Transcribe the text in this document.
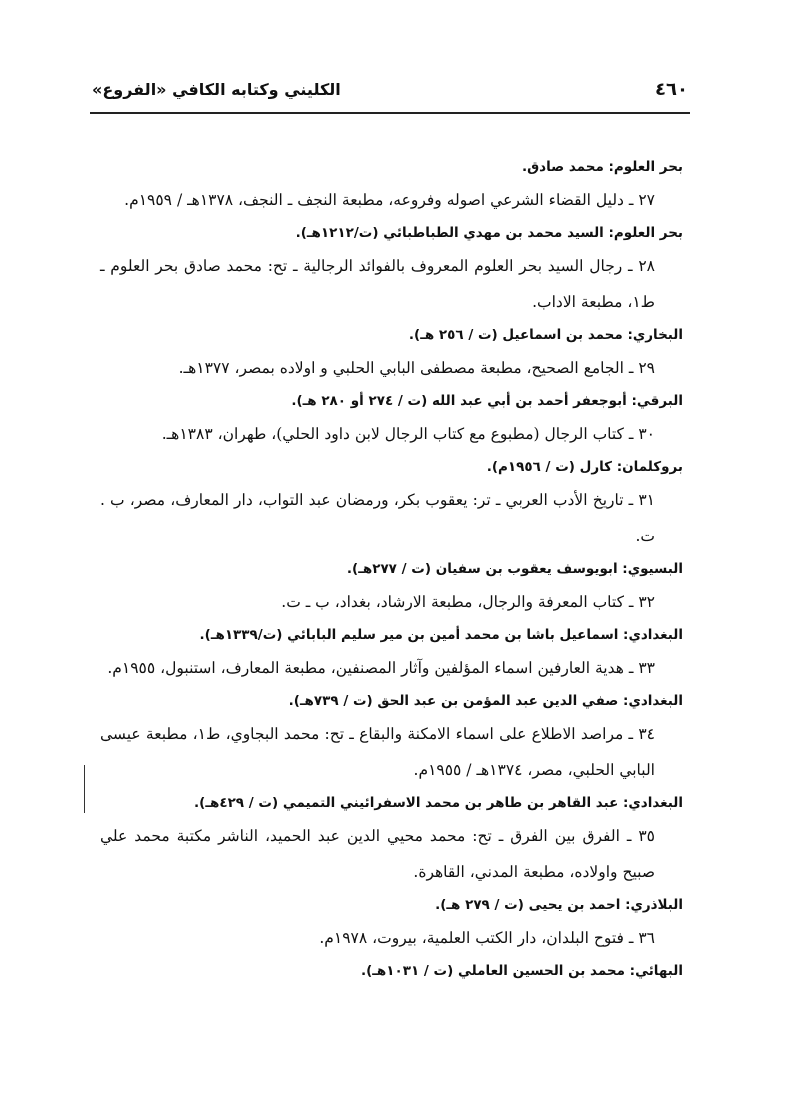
٤٦٠
الكليني وكتابه الكافي «الفروع»
بحر العلوم: محمد صادق.
٢٧ ـ دليل القضاء الشرعي اصوله وفروعه، مطبعة النجف ـ النجف، ١٣٧٨هـ / ١٩٥٩م.
بحر العلوم: السيد محمد بن مهدي الطباطبائي (ت/١٢١٢هـ).
٢٨ ـ رجال السيد بحر العلوم المعروف بالفوائد الرجالية ـ تح: محمد صادق بحر العلوم ـ ط١، مطبعة الاداب.
البخاري: محمد بن اسماعيل (ت / ٢٥٦ هـ).
٢٩ ـ الجامع الصحيح، مطبعة مصطفى البابي الحلبي و اولاده بمصر، ١٣٧٧هـ.
البرقي: أبوجعفر أحمد بن أبي عبد الله (ت / ٢٧٤ أو ٢٨٠ هـ).
٣٠ ـ كتاب الرجال (مطبوع مع كتاب الرجال لابن داود الحلي)، طهران، ١٣٨٣هـ.
بروكلمان: كارل (ت / ١٩٥٦م).
٣١ ـ تاريخ الأدب العربي ـ تر: يعقوب بكر، ورمضان عبد التواب، دار المعارف، مصر، ب . ت.
البسيوي: ابويوسف يعقوب بن سفيان (ت / ٢٧٧هـ).
٣٢ ـ كتاب المعرفة والرجال، مطبعة الارشاد، بغداد، ب ـ ت.
البغدادي: اسماعيل باشا بن محمد أمين بن مير سليم البابائي (ت/١٣٣٩هـ).
٣٣ ـ هدية العارفين اسماء المؤلفين وآثار المصنفين، مطبعة المعارف، استنبول، ١٩٥٥م.
البغدادي: صفي الدين عبد المؤمن بن عبد الحق (ت / ٧٣٩هـ).
٣٤ ـ مراصد الاطلاع على اسماء الامكنة والبقاع ـ تح: محمد البجاوي، ط١، مطبعة عيسى البابي الحلبي، مصر، ١٣٧٤هـ / ١٩٥٥م.
البغدادي: عبد القاهر بن طاهر بن محمد الاسفرائيني التميمي (ت / ٤٢٩هـ).
٣٥ ـ الفرق بين الفرق ـ تح: محمد محيي الدين عبد الحميد، الناشر مكتبة محمد علي صبيح واولاده، مطبعة المدني، القاهرة.
البلاذري: احمد بن يحيى (ت / ٢٧٩ هـ).
٣٦ ـ فتوح البلدان، دار الكتب العلمية، بيروت، ١٩٧٨م.
البهائي: محمد بن الحسين العاملي (ت / ١٠٣١هـ).
